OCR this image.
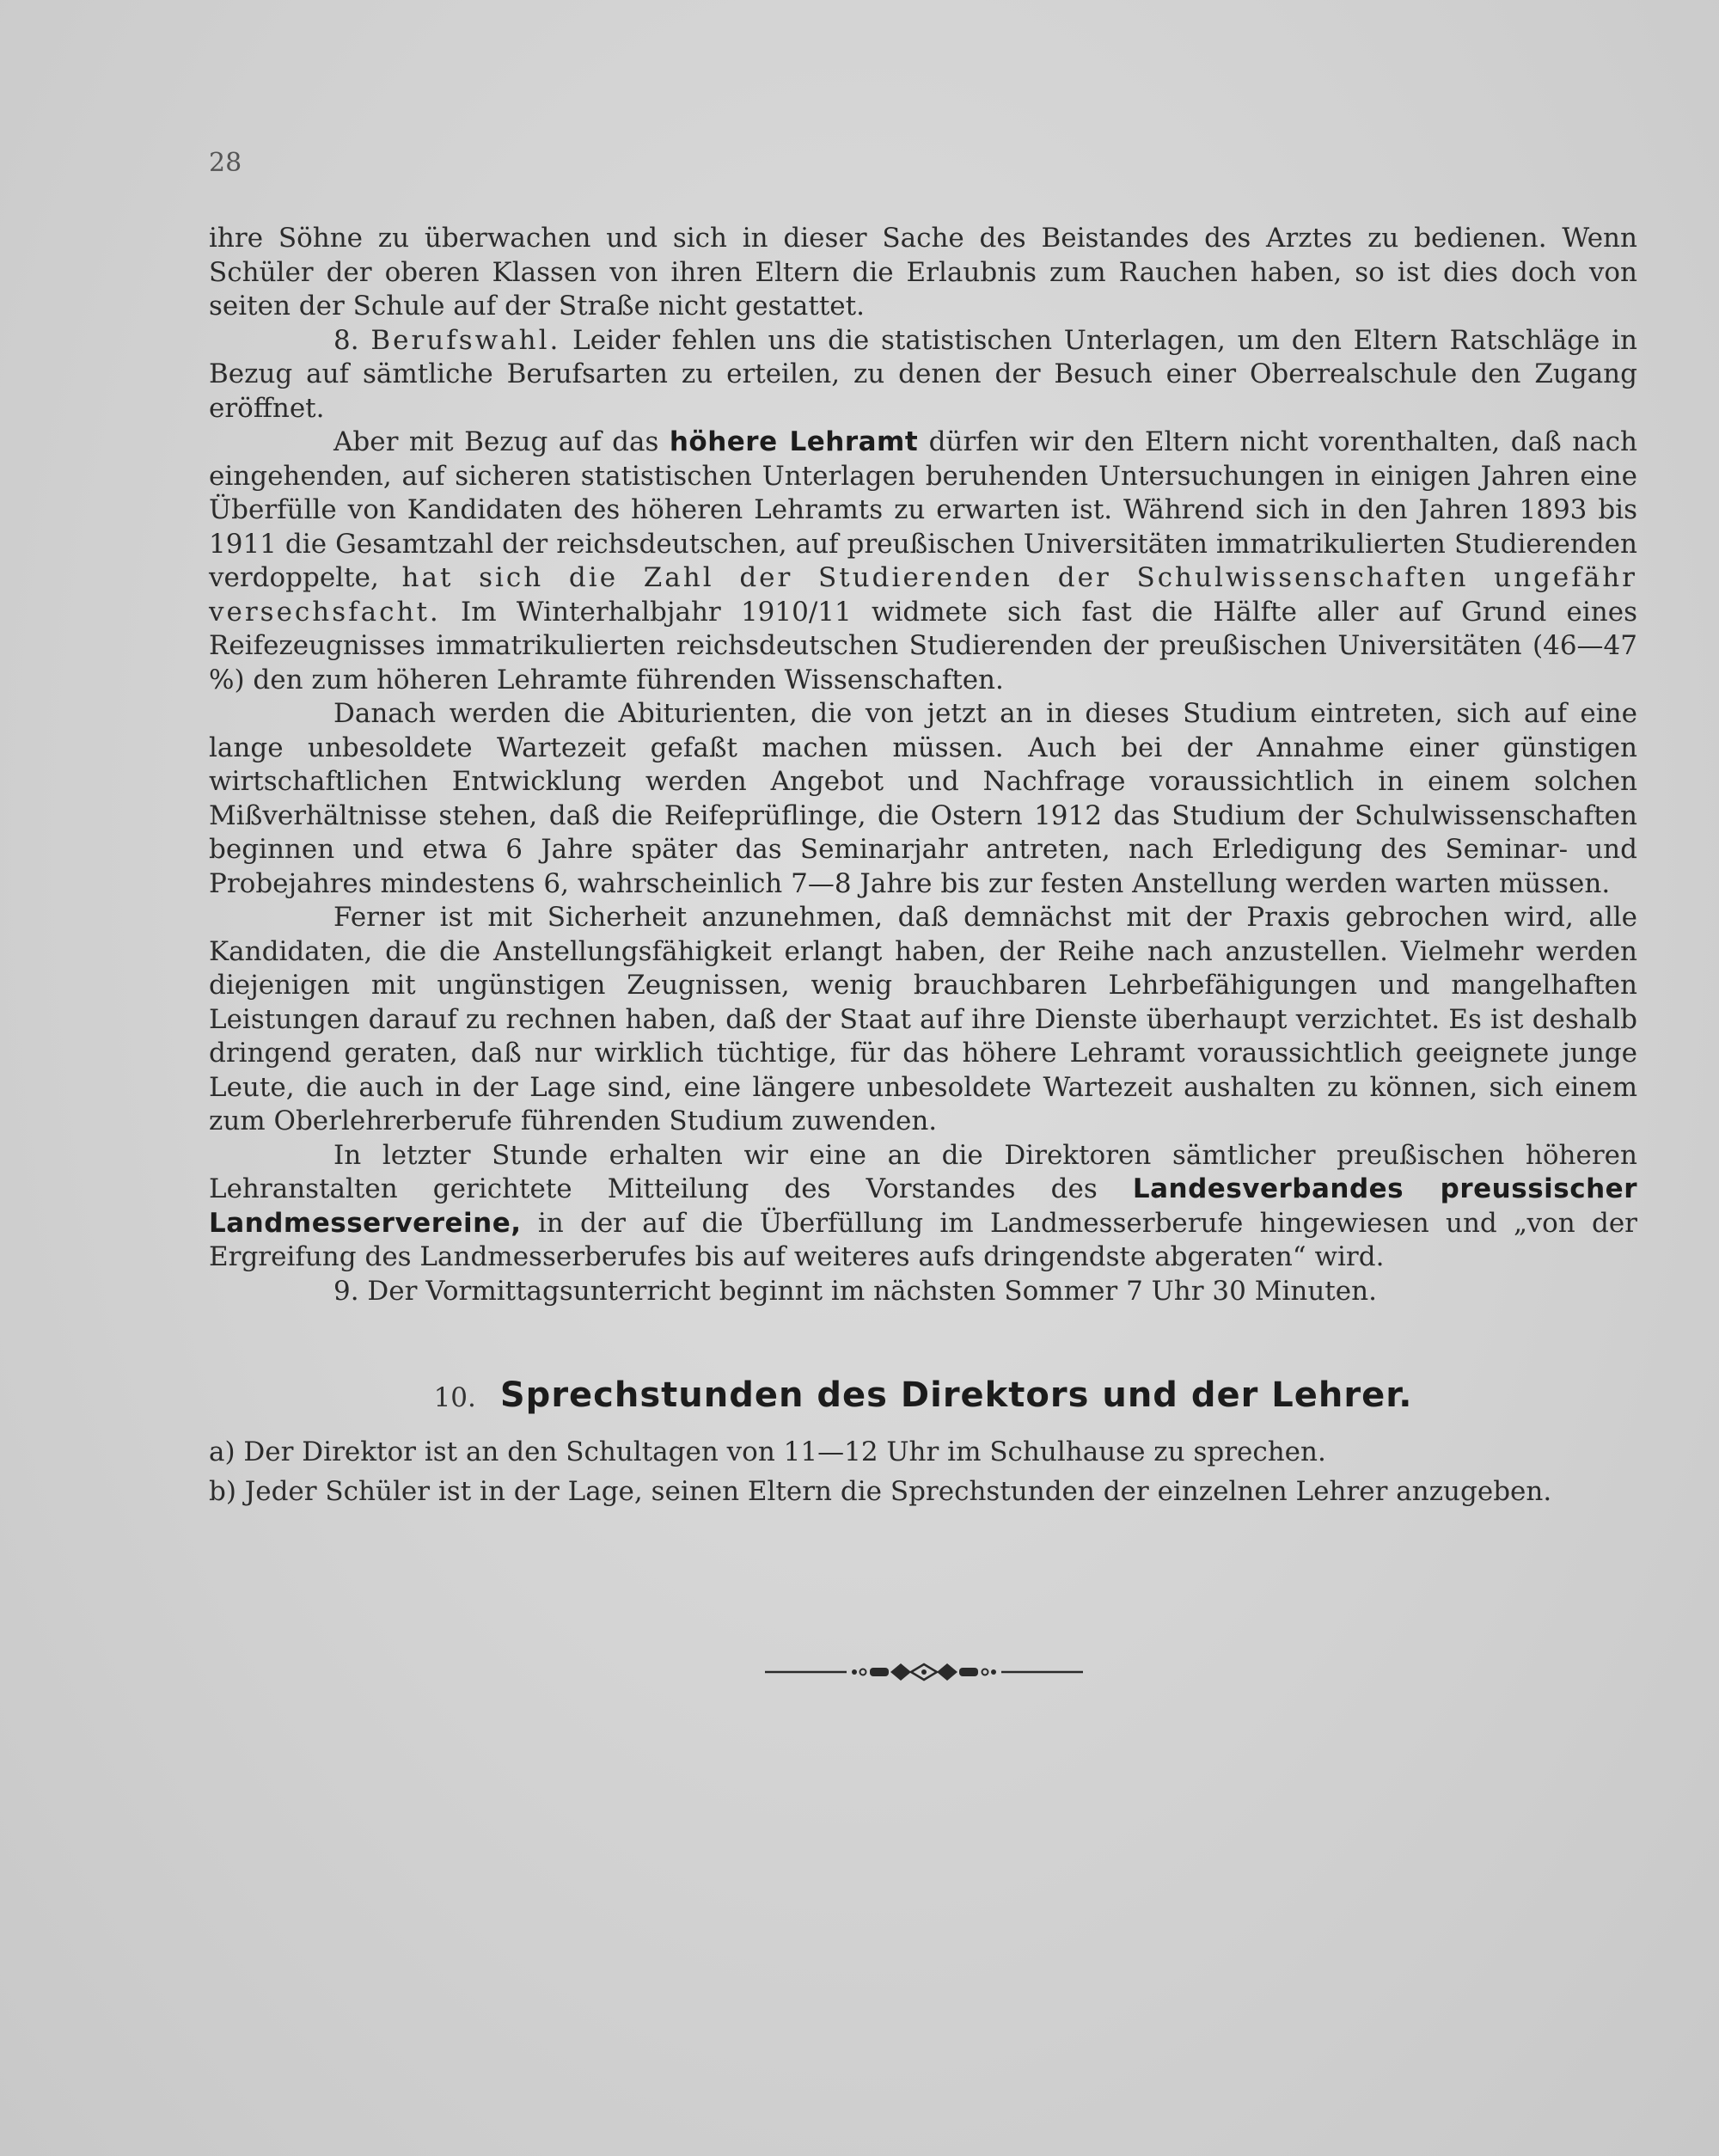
28

ihre Söhne zu überwachen und sich in dieser Sache des Beistandes des Arztes zu bedienen. Wenn Schüler der oberen Klassen von ihren Eltern die Erlaubnis zum Rauchen haben, so ist dies doch von seiten der Schule auf der Straße nicht gestattet.

8. Berufswahl. Leider fehlen uns die statistischen Unterlagen, um den Eltern Ratschläge in Bezug auf sämtliche Berufsarten zu erteilen, zu denen der Besuch einer Oberrealschule den Zugang eröffnet.

Aber mit Bezug auf das höhere Lehramt dürfen wir den Eltern nicht vorenthalten, daß nach eingehenden, auf sicheren statistischen Unterlagen beruhenden Untersuchungen in einigen Jahren eine Überfülle von Kandidaten des höheren Lehramts zu erwarten ist. Während sich in den Jahren 1893 bis 1911 die Gesamtzahl der reichsdeutschen, auf preußischen Universitäten immatrikulierten Studierenden verdoppelte, hat sich die Zahl der Studierenden der Schulwissenschaften ungefähr versechsfacht. Im Winterhalbjahr 1910/11 widmete sich fast die Hälfte aller auf Grund eines Reifezeugnisses immatrikulierten reichsdeutschen Studierenden der preußischen Universitäten (46—47 %) den zum höheren Lehramte führenden Wissenschaften.

Danach werden die Abiturienten, die von jetzt an in dieses Studium eintreten, sich auf eine lange unbesoldete Wartezeit gefaßt machen müssen. Auch bei der Annahme einer günstigen wirtschaftlichen Entwicklung werden Angebot und Nachfrage voraussichtlich in einem solchen Mißverhältnisse stehen, daß die Reifeprüflinge, die Ostern 1912 das Studium der Schulwissenschaften beginnen und etwa 6 Jahre später das Seminarjahr antreten, nach Erledigung des Seminar- und Probejahres mindestens 6, wahrscheinlich 7—8 Jahre bis zur festen Anstellung werden warten müssen.

Ferner ist mit Sicherheit anzunehmen, daß demnächst mit der Praxis gebrochen wird, alle Kandidaten, die die Anstellungsfähigkeit erlangt haben, der Reihe nach anzustellen. Vielmehr werden diejenigen mit ungünstigen Zeugnissen, wenig brauchbaren Lehrbefähigungen und mangelhaften Leistungen darauf zu rechnen haben, daß der Staat auf ihre Dienste überhaupt verzichtet. Es ist deshalb dringend geraten, daß nur wirklich tüchtige, für das höhere Lehramt voraussichtlich geeignete junge Leute, die auch in der Lage sind, eine längere unbesoldete Wartezeit aushalten zu können, sich einem zum Oberlehrerberufe führenden Studium zuwenden.

In letzter Stunde erhalten wir eine an die Direktoren sämtlicher preußischen höheren Lehranstalten gerichtete Mitteilung des Vorstandes des Landesverbandes preussischer Landmesservereine, in der auf die Überfüllung im Landmesserberufe hingewiesen und „von der Ergreifung des Landmesserberufes bis auf weiteres aufs dringendste abgeraten“ wird.

9. Der Vormittagsunterricht beginnt im nächsten Sommer 7 Uhr 30 Minuten.

10. Sprechstunden des Direktors und der Lehrer.

a) Der Direktor ist an den Schultagen von 11—12 Uhr im Schulhause zu sprechen.

b) Jeder Schüler ist in der Lage, seinen Eltern die Sprechstunden der einzelnen Lehrer anzugeben.
